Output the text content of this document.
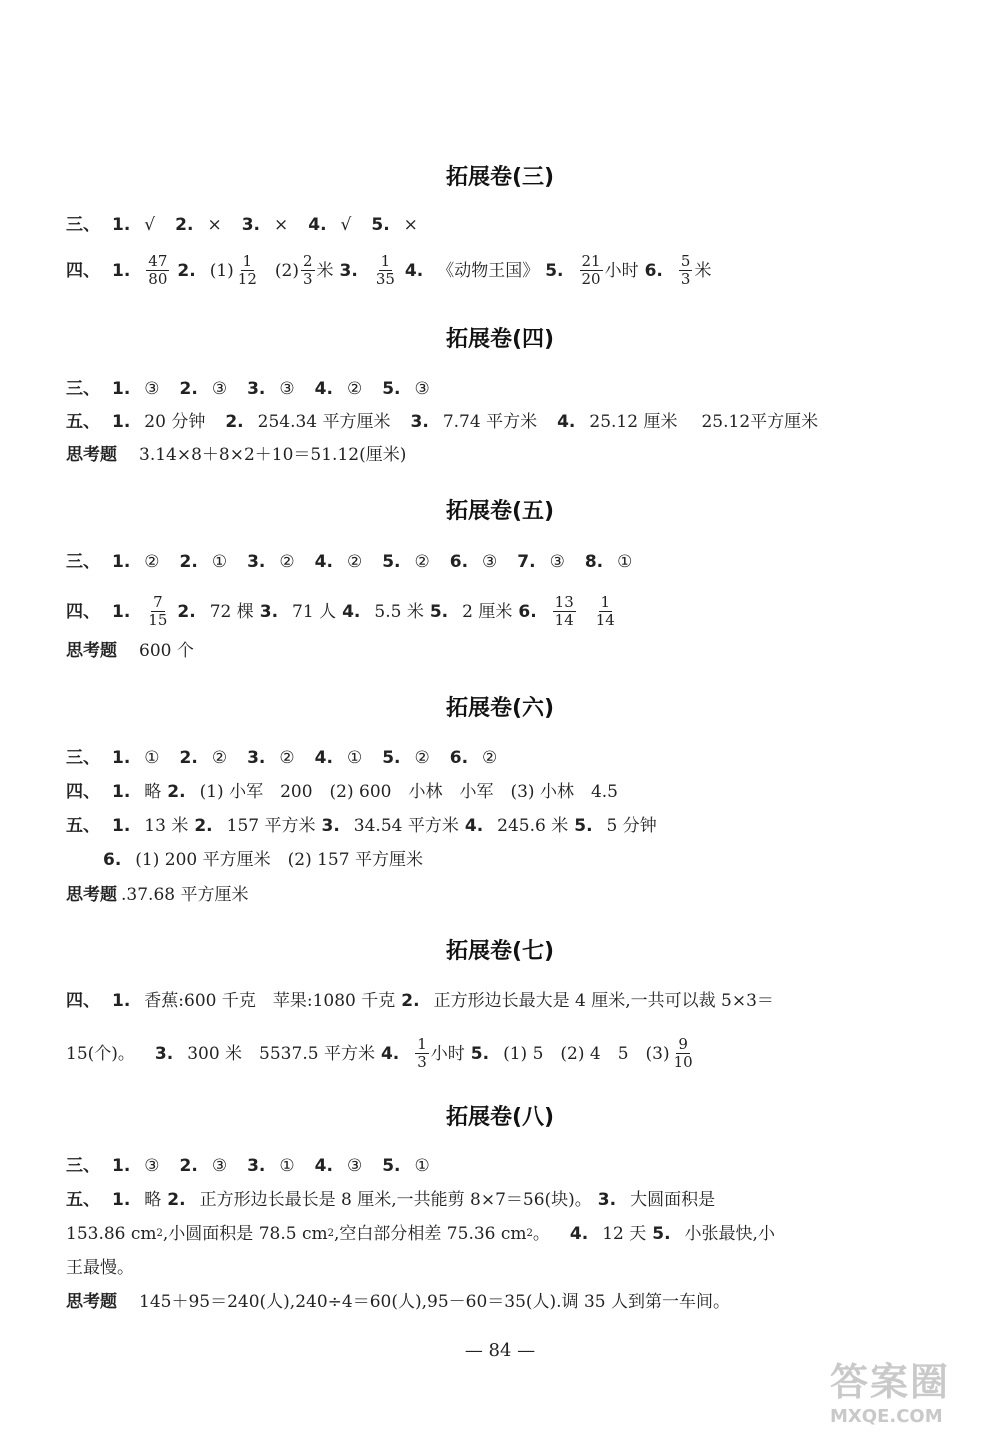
拓展卷(三)
三、 1. √ 2. × 3. × 4. √ 5. ×
四、 1. $\frac{47}{80} 2$. $(1) \frac{1}{12} (2) \frac{2}{3}$ 米 3. $\frac{1}{35} 4$. 《动物王国》 5. $\frac{21}{20}$ 小时 6. $\frac{5}{3}$ 米
拓展卷(四)
三、 1. ③ 2. ③ 3. ③ 4. ② 5. ③
五、 1. 20 分钟 2. 254.34 平方厘米 3. 7.74 平方米 4. 25.12 厘米 25.12平方厘米
思考题 3.14×8＋8×2＋10＝51.12(厘米)
拓展卷(五)
三、 1. ② 2. ① 3. ② 4. ② 5. ② 6. ③ 7. ③ 8. ①
四、 1. $\frac{7}{15} 2$. 72 棵 3. 71 人 4. 5.5 米 5. 2 厘米 6. $\frac{13}{14} \frac{1}{14}$
思考题 600 个
拓展卷(六)
三、 1. ① 2. ② 3. ② 4. ① 5. ② 6. ②
四、 1. 略 2. (1) 小军　200　(2) 600　小林　小军　(3) 小林　4.5
五、 1. 13 米 2. 157 平方米 3. 34.54 平方米 4. 245.6 米 5. 5 分钟
6. (1) 200 平方厘米　(2) 157 平方厘米
思考题 .37.68 平方厘米
拓展卷(七)
四、 1. 香蕉:600 千克　苹果:1080 千克 2. 正方形边长最大是 4 厘米,一共可以裁 5×3＝
15(个)。 3. 300 米　5537.5 平方米 4. $\frac{1}{3}$ 小时 5. (1) 5　(2) 4　5　$(3) \frac{9}{10}$
拓展卷(八)
三、 1. ③ 2. ③ 3. ① 4. ③ 5. ①
五、 1. 略 2. 正方形边长最长是 8 厘米,一共能剪 8×7＝56(块)。 3. 大圆面积是
153.86 cm 2 ,小圆面积是 78.5 cm 2 ,空白部分相差 75.36 cm 2 。 4. 12 天 5. 小张最快,小
王最慢。
思考题 145＋95＝240(人),240÷4＝60(人),95－60＝35(人).调 35 人到第一车间。
— 84 —
答案圈
MXQE.COM
